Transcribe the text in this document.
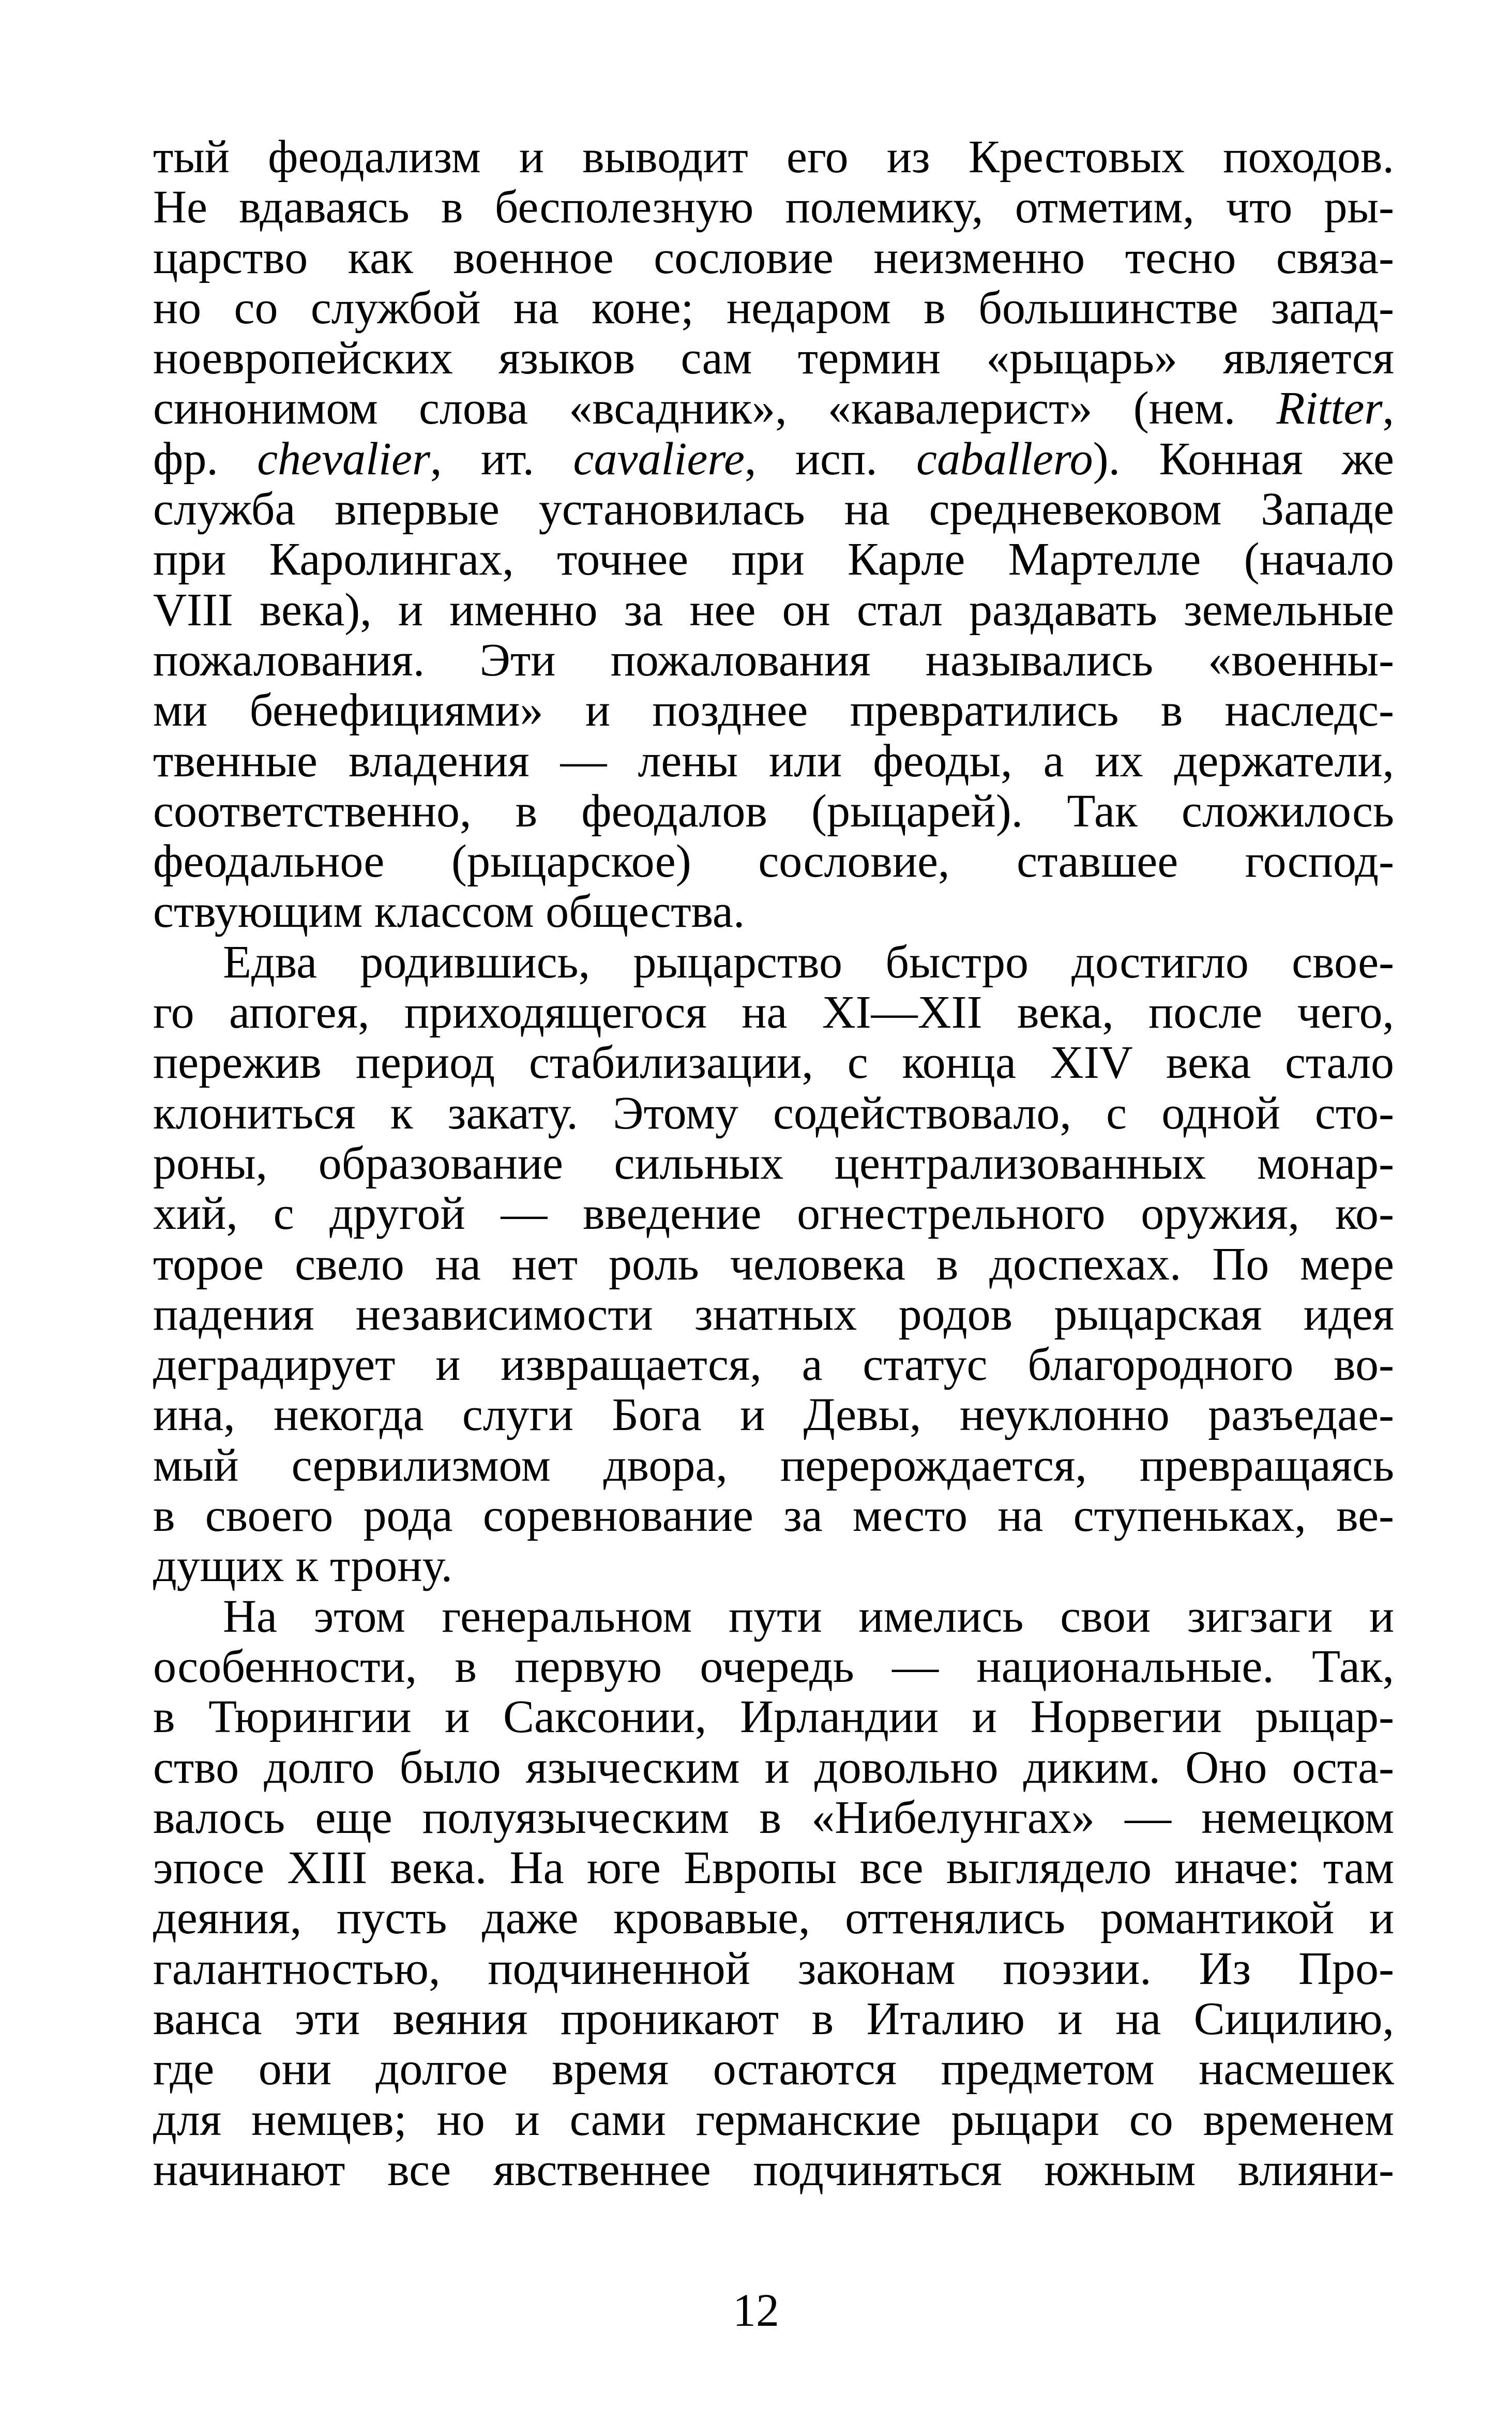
тый феодализм и выводит его из Крестовых походов.
Не вдаваясь в бесполезную полемику, отметим, что ры-
царство как военное сословие неизменно тесно связа-
но со службой на коне; недаром в большинстве запад-
ноевропейских языков сам термин «рыцарь» является
синонимом слова «всадник», «кавалерист» (нем. Ritter,
фр. chevalier, ит. cavaliere, исп. caballero). Конная же
служба впервые установилась на средневековом Западе
при Каролингах, точнее при Карле Мартелле (начало
VIII века), и именно за нее он стал раздавать земельные
пожалования. Эти пожалования назывались «военны-
ми бенефициями» и позднее превратились в наследс-
твенные владения — лены или феоды, а их держатели,
соответственно, в феодалов (рыцарей). Так сложилось
феодальное (рыцарское) сословие, ставшее господ-
ствующим классом общества.
Едва родившись, рыцарство быстро достигло свое-
го апогея, приходящегося на XI—XII века, после чего,
пережив период стабилизации, с конца XIV века стало
клониться к закату. Этому содействовало, с одной сто-
роны, образование сильных централизованных монар-
хий, с другой — введение огнестрельного оружия, ко-
торое свело на нет роль человека в доспехах. По мере
падения независимости знатных родов рыцарская идея
деградирует и извращается, а статус благородного во-
ина, некогда слуги Бога и Девы, неуклонно разъедае-
мый сервилизмом двора, перерождается, превращаясь
в своего рода соревнование за место на ступеньках, ве-
дущих к трону.
На этом генеральном пути имелись свои зигзаги и
особенности, в первую очередь — национальные. Так,
в Тюрингии и Саксонии, Ирландии и Норвегии рыцар-
ство долго было языческим и довольно диким. Оно оста-
валось еще полуязыческим в «Нибелунгах» — немецком
эпосе XIII века. На юге Европы все выглядело иначе: там
деяния, пусть даже кровавые, оттенялись романтикой и
галантностью, подчиненной законам поэзии. Из Про-
ванса эти веяния проникают в Италию и на Сицилию,
где они долгое время остаются предметом насмешек
для немцев; но и сами германские рыцари со временем
начинают все явственнее подчиняться южным влияни-
12
